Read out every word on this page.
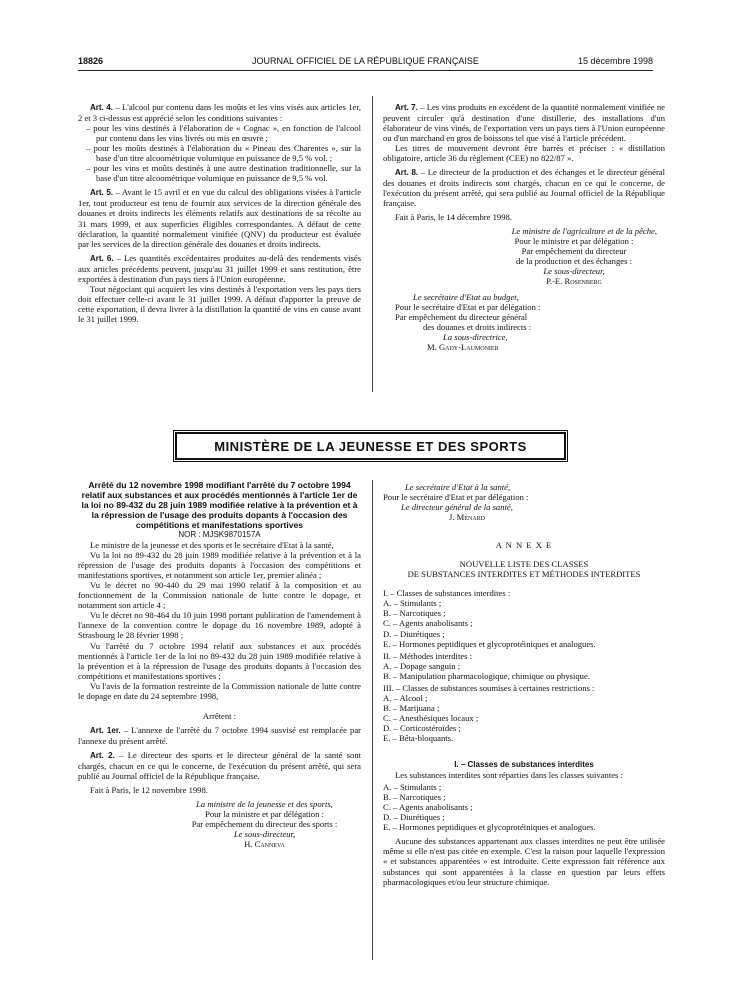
18826	JOURNAL OFFICIEL DE LA RÉPUBLIQUE FRANÇAISE	15 décembre 1998

Art. 4. – L'alcool pur contenu dans les moûts et les vins visés aux articles 1er, 2 et 3 ci-dessus est apprécié selon les conditions suivantes :

– pour les vins destinés à l'élaboration de « Cognac », en fonction de l'alcool pur contenu dans les vins livrés ou mis en œuvre ;

– pour les moûts destinés à l'élaboration du « Pineau des Charentes », sur la base d'un titre alcoométrique volumique en puissance de 9,5 % vol. ;

– pour les vins et moûts destinés à une autre destination traditionnelle, sur la base d'un titre alcoométrique volumique en puissance de 9,5 % vol.

Art. 5. – Avant le 15 avril et en vue du calcul des obligations visées à l'article 1er, tout producteur est tenu de fournir aux services de la direction générale des douanes et droits indirects les éléments relatifs aux destinations de sa récolte au 31 mars 1999, et aux superficies éligibles correspondantes. A défaut de cette déclaration, la quantité normalement vinifiée (QNV) du producteur est évaluée par les services de la direction générale des douanes et droits indirects.

Art. 6. – Les quantités excédentaires produites au-delà des rendements visés aux articles précédents peuvent, jusqu'au 31 juillet 1999 et sans restitution, être exportées à destination d'un pays tiers à l'Union européenne.

Tout négociant qui acquiert les vins destinés à l'exportation vers les pays tiers doit effectuer celle-ci avant le 31 juillet 1999. A défaut d'apporter la preuve de cette exportation, il devra livrer à la distillation la quantité de vins en cause avant le 31 juillet 1999.

Art. 7. – Les vins produits en excédent de la quantité normalement vinifiée ne peuvent circuler qu'à destination d'une distillerie, des installations d'un élaborateur de vins vinés, de l'exportation vers un pays tiers à l'Union européenne ou d'un marchand en gros de boissons tel que visé à l'article précédent.

Les titres de mouvement devront être barrés et préciser : « distillation obligatoire, article 36 du règlement (CEE) no 822/87 ».

Art. 8. – Le directeur de la production et des échanges et le directeur général des douanes et droits indirects sont chargés, chacun en ce qui le concerne, de l'exécution du présent arrêté, qui sera publié au Journal officiel de la République française.

Fait à Paris, le 14 décembre 1998.

Le ministre de l'agriculture et de la pêche,

Pour le ministre et par délégation :

Par empêchement du directeur

de la production et des échanges :

Le sous-directeur,

P.-E. Rosenberg

Le secrétaire d'Etat au budget,

Pour le secrétaire d'Etat et par délégation :

Par empêchement du directeur général

des douanes et droits indirects :

La sous-directrice,

M. Gady-Laumonier

MINISTÈRE DE LA JEUNESSE ET DES SPORTS

Arrêté du 12 novembre 1998 modifiant l'arrêté du 7 octobre 1994 relatif aux substances et aux procédés mentionnés à l'article 1er de la loi no 89-432 du 28 juin 1989 modifiée relative à la prévention et à la répression de l'usage des produits dopants à l'occasion des compétitions et manifestations sportives

NOR : MJSK9870157A

Le ministre de la jeunesse et des sports et le secrétaire d'Etat à la santé,

Vu la loi no 89-432 du 28 juin 1989 modifiée relative à la prévention et à la répression de l'usage des produits dopants à l'occasion des compétitions et manifestations sportives, et notamment son article 1er, premier alinéa ;

Vu le décret no 90-440 du 29 mai 1990 relatif à la composition et au fonctionnement de la Commission nationale de lutte contre le dopage, et notamment son article 4 ;

Vu le décret no 98-464 du 10 juin 1998 portant publication de l'amendement à l'annexe de la convention contre le dopage du 16 novembre 1989, adopté à Strasbourg le 28 février 1998 ;

Vu l'arrêté du 7 octobre 1994 relatif aux substances et aux procédés mentionnés à l'article 1er de la loi no 89-432 du 28 juin 1989 modifiée relative à la prévention et à la répression de l'usage des produits dopants à l'occasion des compétitions et manifestations sportives ;

Vu l'avis de la formation restreinte de la Commission nationale de lutte contre le dopage en date du 24 septembre 1998,

Arrêtent :

Art. 1er. – L'annexe de l'arrêté du 7 octobre 1994 susvisé est remplacée par l'annexe du présent arrêté.

Art. 2. – Le directeur des sports et le directeur général de la santé sont chargés, chacun en ce qui le concerne, de l'exécution du présent arrêté, qui sera publié au Journal officiel de la République française.

Fait à Paris, le 12 novembre 1998.

La ministre de la jeunesse et des sports,

Pour la ministre et par délégation :

Par empêchement du directeur des sports :

Le sous-directeur,

H. Canneva

Le secrétaire d'Etat à la santé,

Pour le secrétaire d'Etat et par délégation :

Le directeur général de la santé,

J. Ménard

A N N E X E

NOUVELLE LISTE DES CLASSES

DE SUBSTANCES INTERDITES ET MÉTHODES INTERDITES

I. – Classes de substances interdites :

A. – Stimulants ;

B. – Narcotiques ;

C. – Agents anabolisants ;

D. – Diurétiques ;

E. – Hormones peptidiques et glycoprotéiniques et analogues.

II. – Méthodes interdites :

A. – Dopage sanguin ;

B. – Manipulation pharmacologique, chimique ou physique.

III. – Classes de substances soumises à certaines restrictions :

A. – Alcool ;

B. – Marijuana ;

C. – Anesthésiques locaux ;

D. – Corticostéroïdes ;

E. – Bêta-bloquants.

I. – Classes de substances interdites

Les substances interdites sont réparties dans les classes suivantes :

A. – Stimulants ;

B. – Narcotiques ;

C. – Agents anabolisants ;

D. – Diurétiques ;

E. – Hormones peptidiques et glycoprotéiniques et analogues.

Aucune des substances appartenant aux classes interdites ne peut être utilisée même si elle n'est pas citée en exemple. C'est la raison pour laquelle l'expression « et substances apparentées » est introduite. Cette expression fait référence aux substances qui sont apparentées à la classe en question par leurs effets pharmacologiques et/ou leur structure chimique.
